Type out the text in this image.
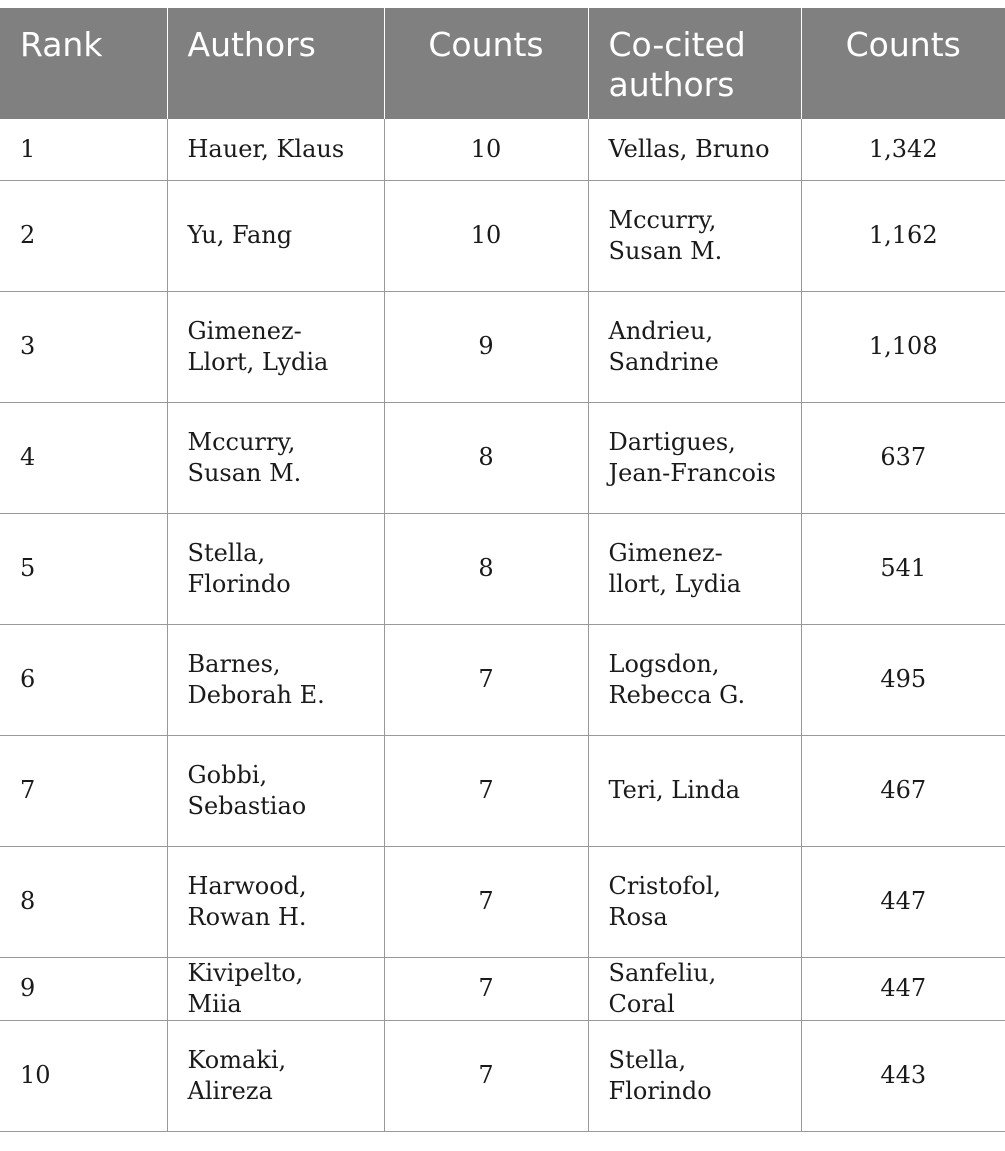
Rank	Authors	Counts	Co-cited authors	Counts
1	Hauer, Klaus	10	Vellas, Bruno	1,342
2	Yu, Fang	10	Mccurry, Susan M.	1,162
3	Gimenez-Llort, Lydia	9	Andrieu, Sandrine	1,108
4	Mccurry, Susan M.	8	Dartigues, Jean-Francois	637
5	Stella, Florindo	8	Gimenez-llort, Lydia	541
6	Barnes, Deborah E.	7	Logsdon, Rebecca G.	495
7	Gobbi, Sebastiao	7	Teri, Linda	467
8	Harwood, Rowan H.	7	Cristofol, Rosa	447
9	Kivipelto, Miia	7	Sanfeliu, Coral	447
10	Komaki, Alireza	7	Stella, Florindo	443
